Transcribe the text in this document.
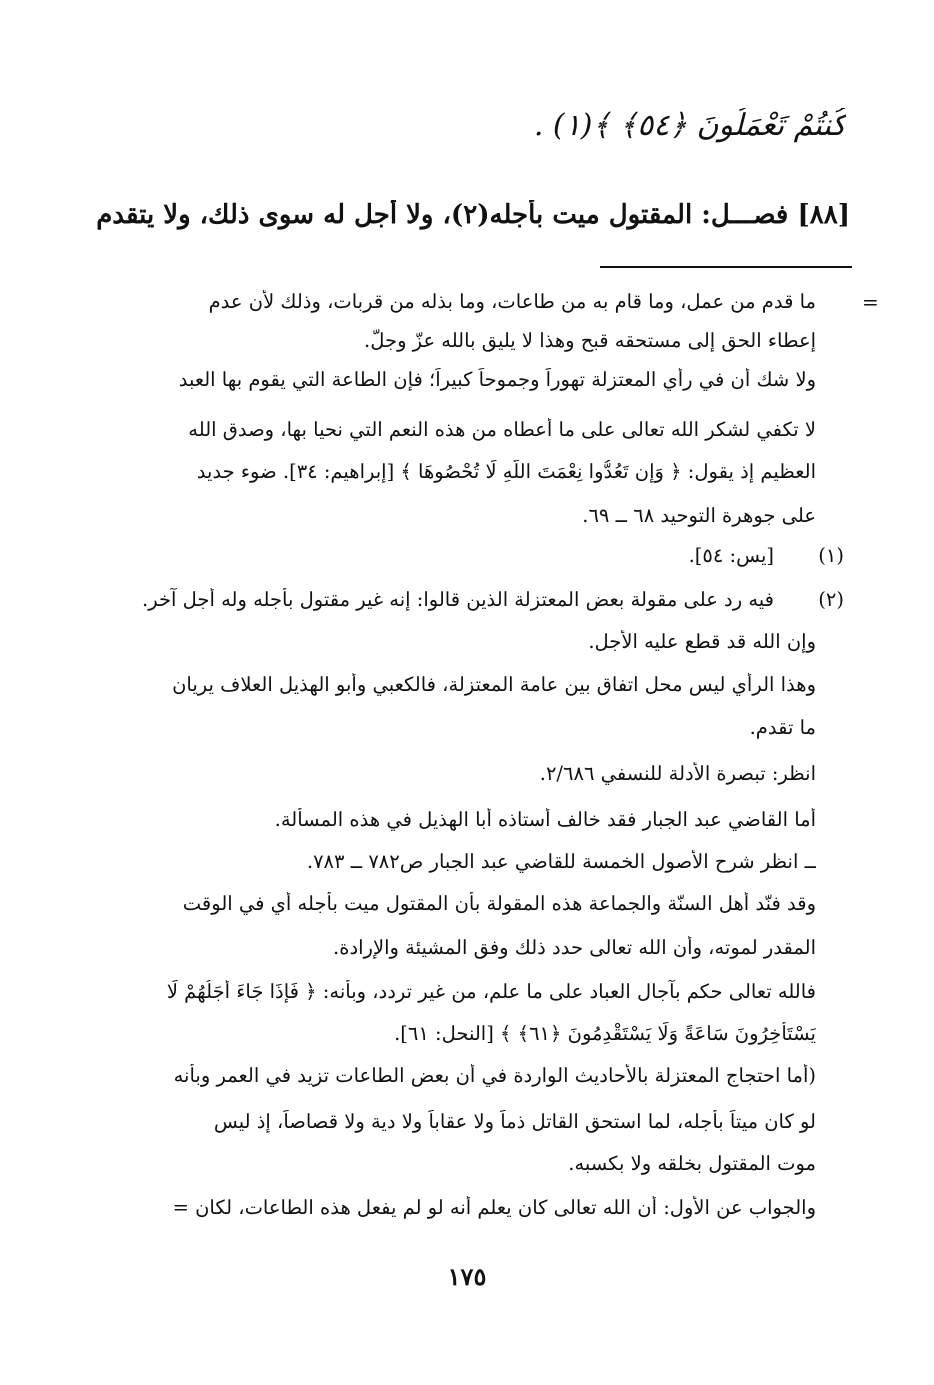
كُنتُمْ تَعْمَلُونَ ﴿٥٤﴾ ﴾(١) .
[٨٨] فصـــل: المقتول ميت بأجله(٢)، ولا أجل له سوى ذلك، ولا يتقدم
=
ما قدم من عمل، وما قام به من طاعات، وما بذله من قربات، وذلك لأن عدم
إعطاء الحق إلى مستحقه قبح وهذا لا يليق بالله عزّ وجلّ.
ولا شك أن في رأي المعتزلة تهوراً وجموحاً كبيراً؛ فإن الطاعة التي يقوم بها العبد
لا تكفي لشكر الله تعالى على ما أعطاه من هذه النعم التي نحيا بها، وصدق الله
العظيم إذ يقول: ﴿ وَإِن تَعُدُّوا نِعْمَتَ اللَّهِ لَا تُحْصُوهَا ﴾ [إبراهيم: ٣٤]. ضوء جديد
على جوهرة التوحيد ٦٨ ــ ٦٩.
(١)
[يس: ٥٤].
(٢)
فيه رد على مقولة بعض المعتزلة الذين قالوا: إنه غير مقتول بأجله وله أجل آخر.
وإن الله قد قطع عليه الأجل.
وهذا الرأي ليس محل اتفاق بين عامة المعتزلة، فالكعبي وأبو الهذيل العلاف يريان
ما تقدم.
انظر: تبصرة الأدلة للنسفي ٢/٦٨٦.
أما القاضي عبد الجبار فقد خالف أستاذه أبا الهذيل في هذه المسألة.
ــ انظر شرح الأصول الخمسة للقاضي عبد الجبار ص٧٨٢ ــ ٧٨٣.
وقد فنّد أهل السنّة والجماعة هذه المقولة بأن المقتول ميت بأجله أي في الوقت
المقدر لموته، وأن الله تعالى حدد ذلك وفق المشيئة والإرادة.
فالله تعالى حكم بآجال العباد على ما علم، من غير تردد، وبأنه: ﴿ فَإِذَا جَاءَ أَجَلُهُمْ لَا
يَسْتَأْخِرُونَ سَاعَةً وَلَا يَسْتَقْدِمُونَ ﴿٦١﴾ ﴾ [النحل: ٦١].
(أما احتجاج المعتزلة بالأحاديث الواردة في أن بعض الطاعات تزيد في العمر وبأنه
لو كان ميتاً بأجله، لما استحق القاتل ذماً ولا عقاباً ولا دية ولا قصاصاً، إذ ليس
موت المقتول بخلقه ولا بكسبه.
والجواب عن الأول: أن الله تعالى كان يعلم أنه لو لم يفعل هذه الطاعات، لكان =
١٧٥
